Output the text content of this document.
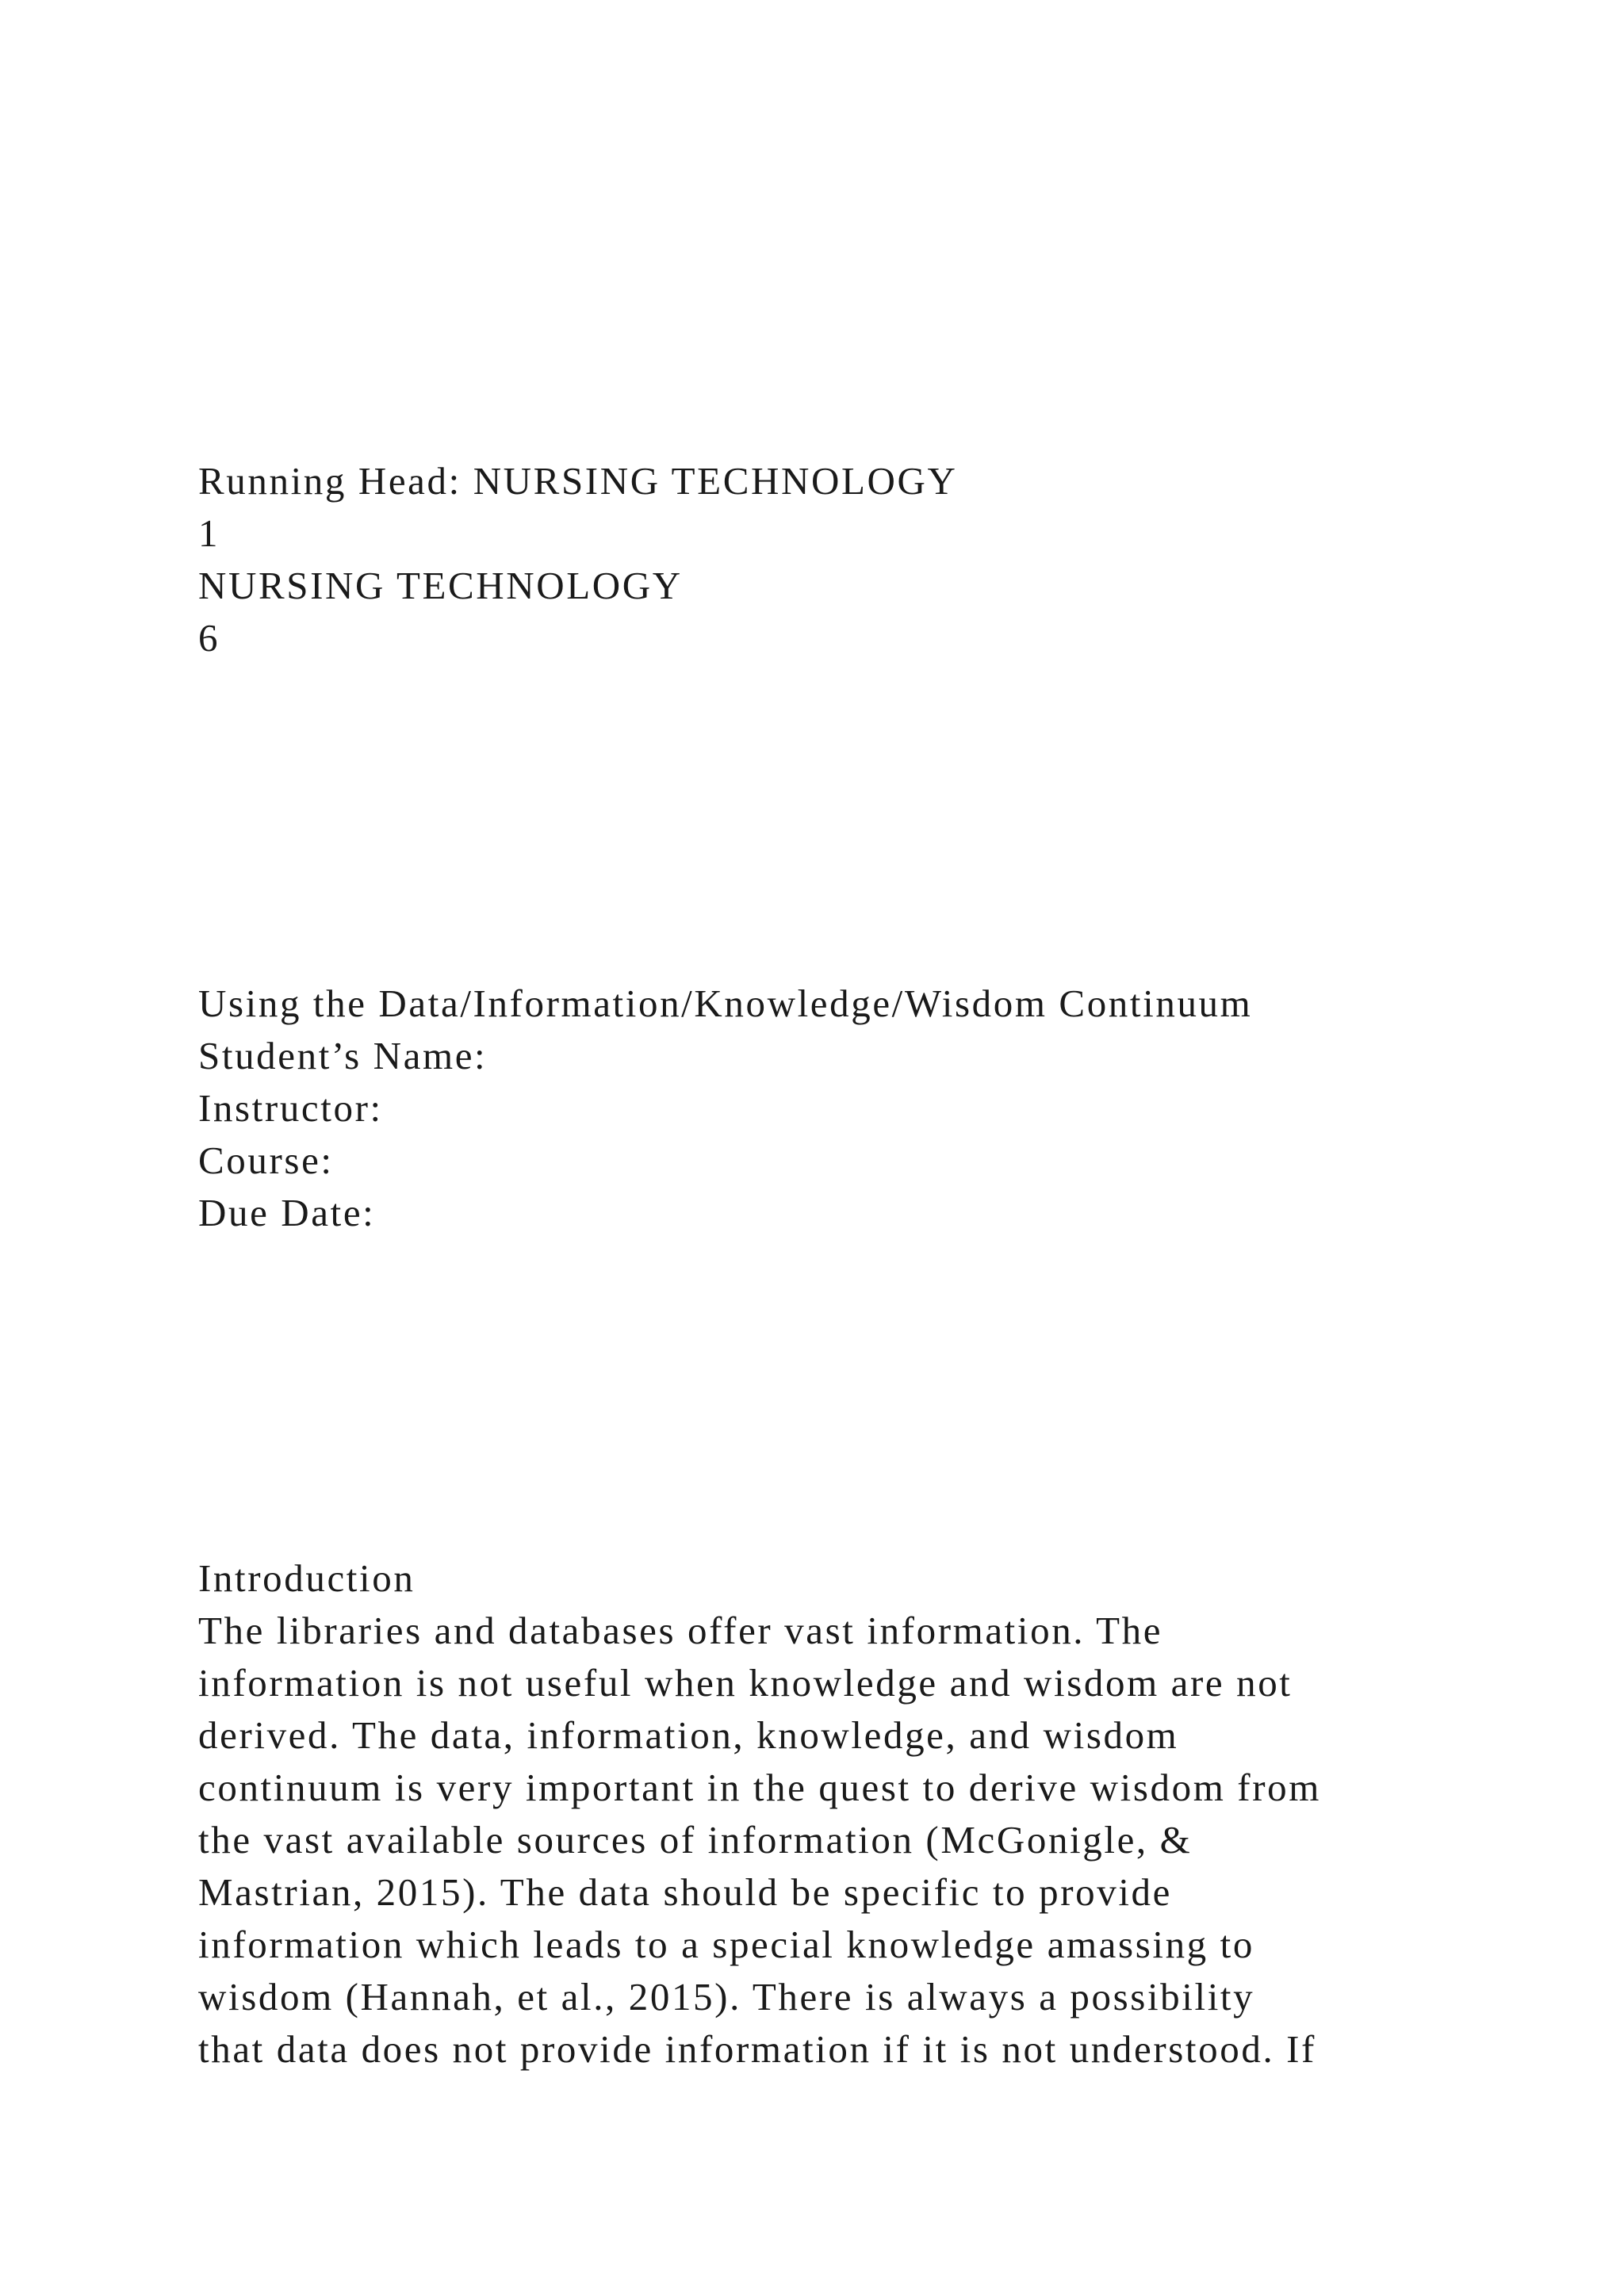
Running Head: NURSING TECHNOLOGY

1

NURSING TECHNOLOGY

6

Using the Data/Information/Knowledge/Wisdom Continuum

Student’s Name:

Instructor:

Course:

Due Date:

Introduction

The libraries and databases offer vast information. The

information is not useful when knowledge and wisdom are not

derived. The data, information, knowledge, and wisdom

continuum is very important in the quest to derive wisdom from

the vast available sources of information (McGonigle, &

Mastrian, 2015). The data should be specific to provide

information which leads to a special knowledge amassing to

wisdom (Hannah, et al., 2015). There is always a possibility

that data does not provide information if it is not understood. If
